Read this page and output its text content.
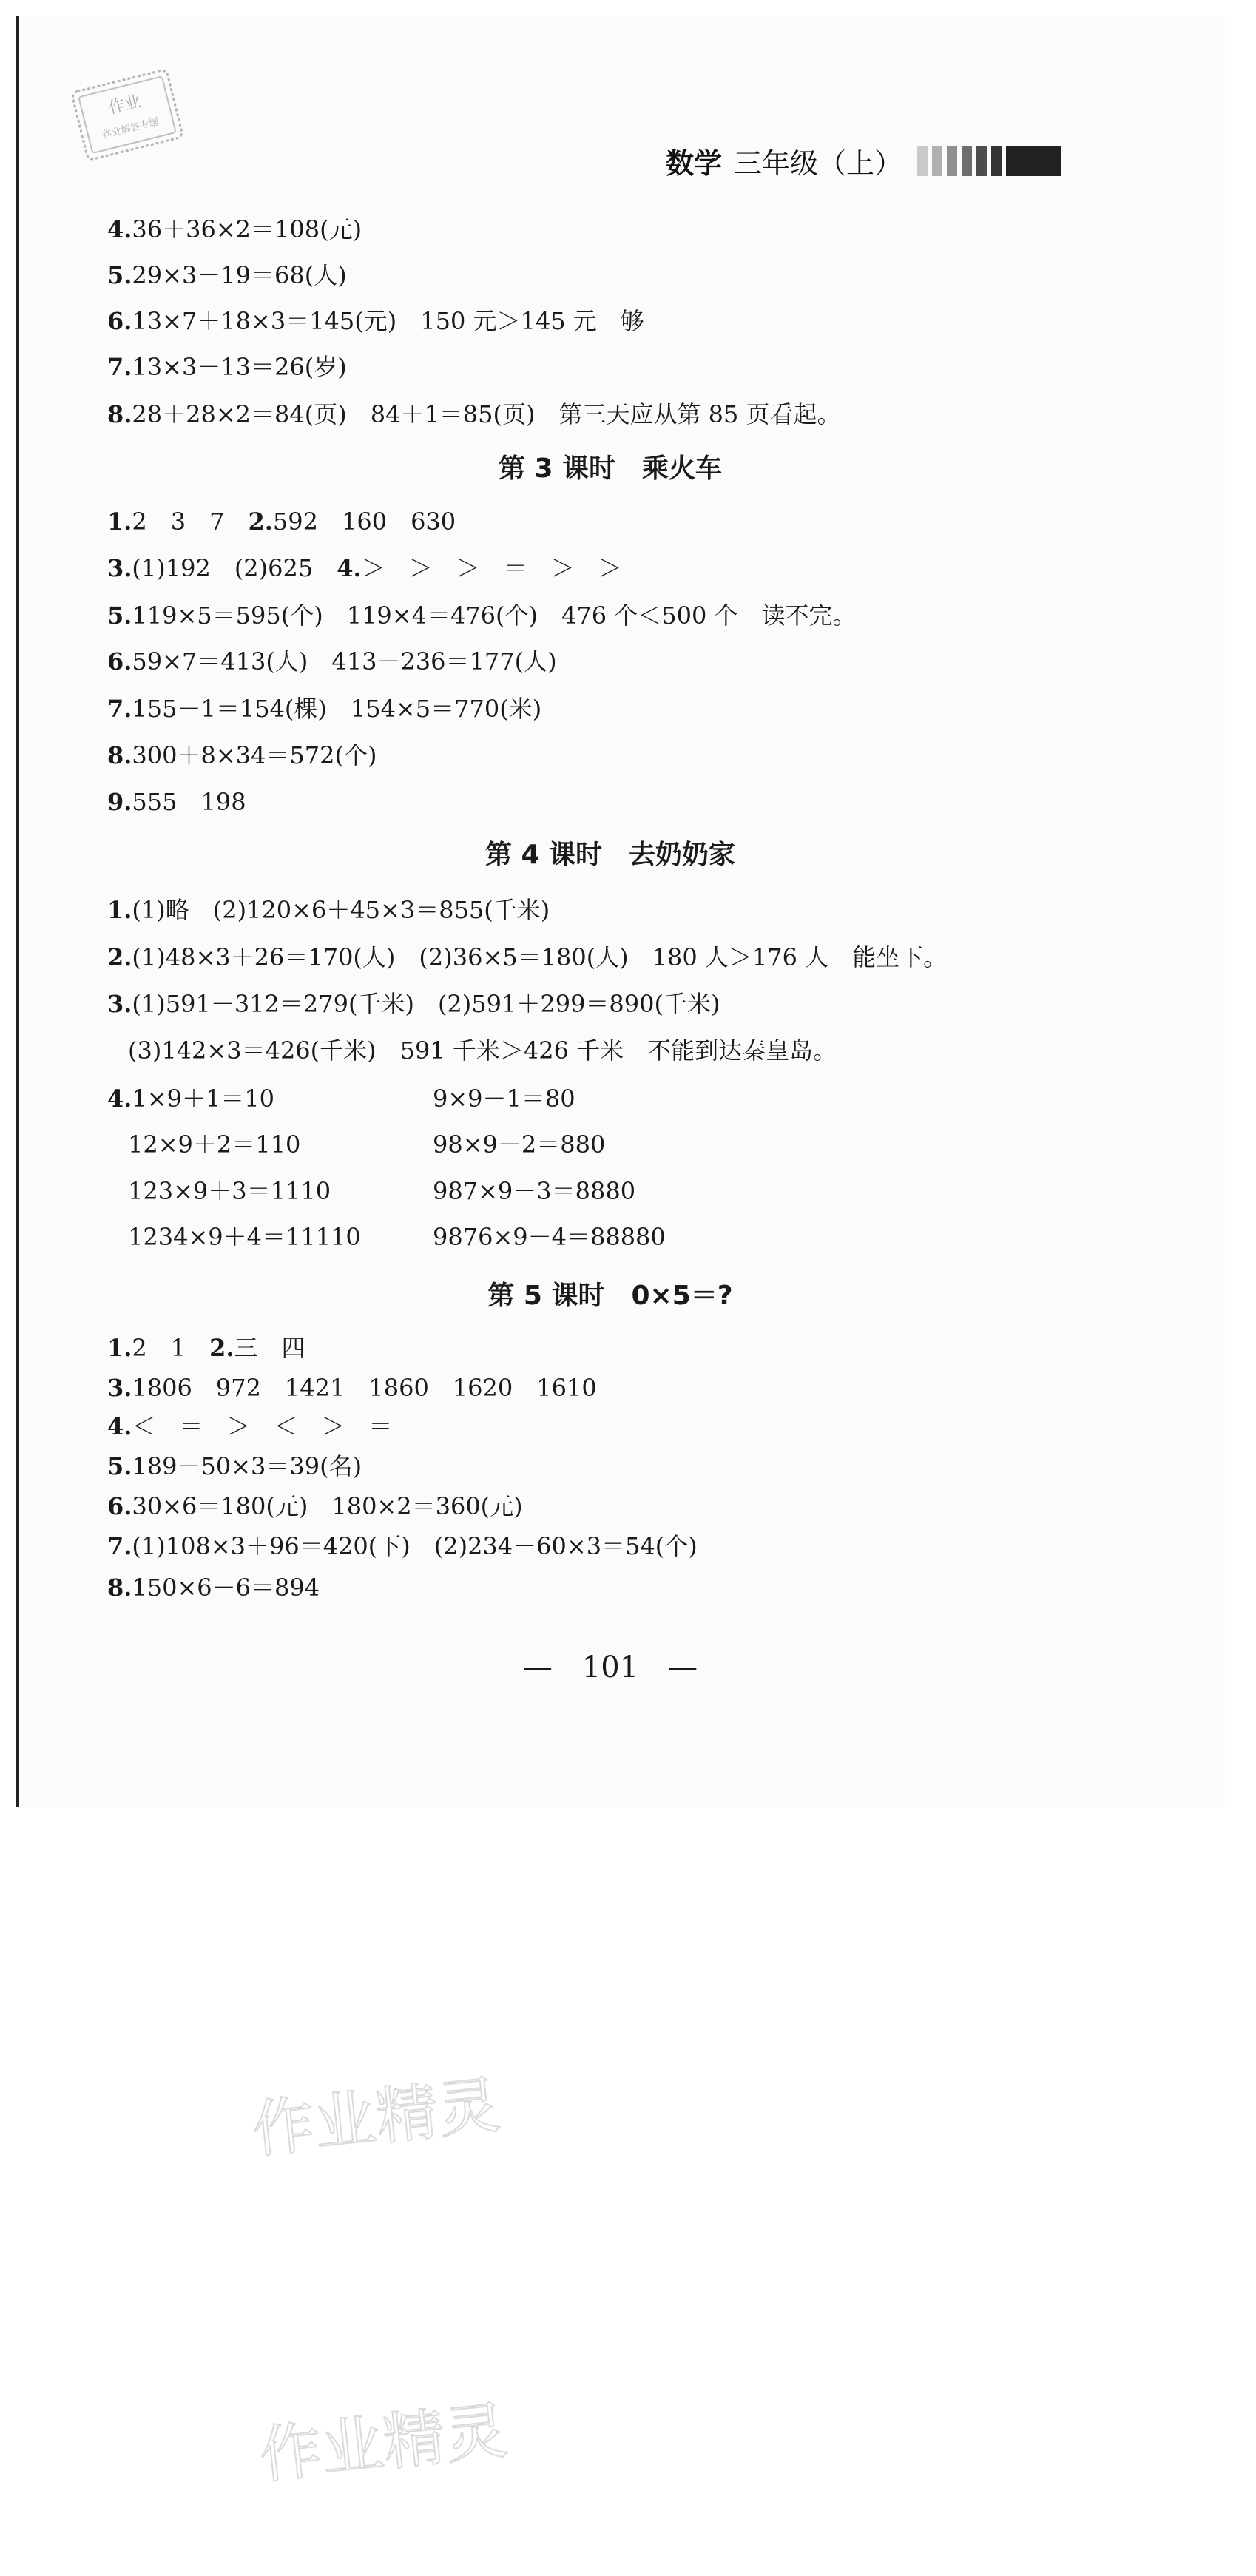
作业
作业解答专题
数学 三年级（上）
4.36＋36×2＝108(元)
5.29×3－19＝68(人)
6.13×7＋18×3＝145(元)　150 元＞145 元　够
7.13×3－13＝26(岁)
8.28＋28×2＝84(页)　84＋1＝85(页)　第三天应从第 85 页看起。
第 3 课时　乘火车
1.2　3　7　2.592　160　630
3.(1)192　(2)625　4.＞　＞　＞　＝　＞　＞
5.119×5＝595(个)　119×4＝476(个)　476 个＜500 个　读不完。
6.59×7＝413(人)　413－236＝177(人)
7.155－1＝154(棵)　154×5＝770(米)
8.300＋8×34＝572(个)
9.555　198
第 4 课时　去奶奶家
1.(1)略　(2)120×6＋45×3＝855(千米)
2.(1)48×3＋26＝170(人)　(2)36×5＝180(人)　180 人＞176 人　能坐下。
3.(1)591－312＝279(千米)　(2)591＋299＝890(千米)
(3)142×3＝426(千米)　591 千米＞426 千米　不能到达秦皇岛。
4.1×9＋1＝10	9×9－1＝80
12×9＋2＝110	98×9－2＝880
123×9＋3＝1110	987×9－3＝8880
1234×9＋4＝11110	9876×9－4＝88880
第 5 课时　0×5＝?
1.2　1　2.三　四
3.1806　972　1421　1860　1620　1610
4.＜　＝　＞　＜　＞　＝
5.189－50×3＝39(名)
6.30×6＝180(元)　180×2＝360(元)
7.(1)108×3＋96＝420(下)　(2)234－60×3＝54(个)
8.150×6－6＝894
—　101　—
作业精灵
作业精灵
